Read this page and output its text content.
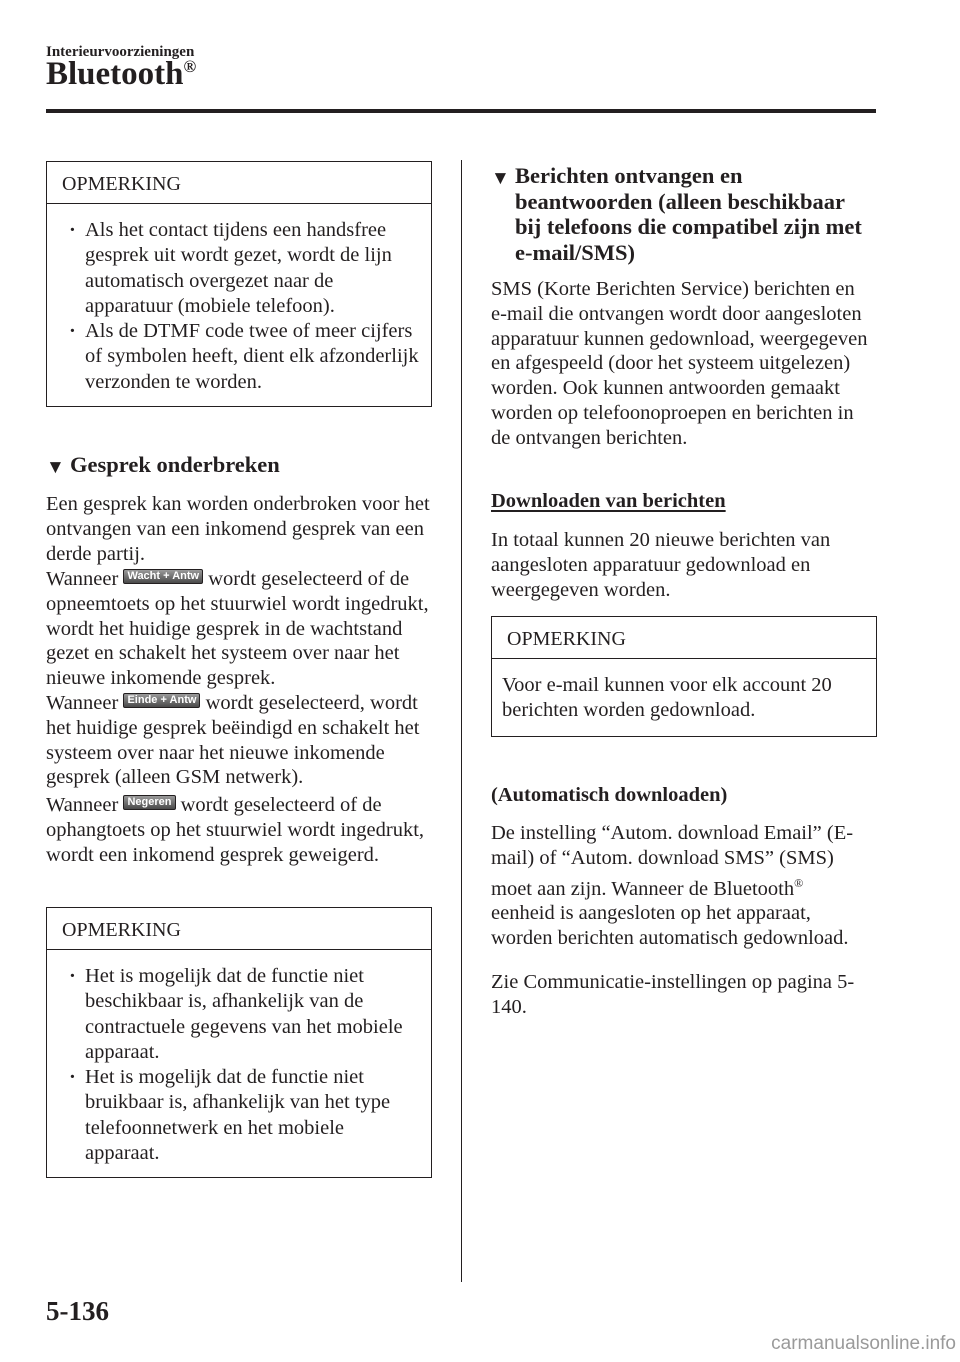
Interieurvoorzieningen
Bluetooth®
OPMERKING
· Als het contact tijdens een handsfree gesprek uit wordt gezet, wordt de lijn automatisch overgezet naar de apparatuur (mobiele telefoon).
· Als de DTMF code twee of meer cijfers of symbolen heeft, dient elk afzonderlijk verzonden te worden.
▼ Gesprek onderbreken

Een gesprek kan worden onderbroken voor het ontvangen van een inkomend gesprek van een derde partij.

Wanneer Wacht + Antw wordt geselecteerd of de opneemtoets op het stuurwiel wordt ingedrukt, wordt het huidige gesprek in de wachtstand gezet en schakelt het systeem over naar het nieuwe inkomende gesprek.

Wanneer Einde + Antw wordt geselecteerd, wordt het huidige gesprek beëindigd en schakelt het systeem over naar het nieuwe inkomende gesprek (alleen GSM netwerk).

Wanneer Negeren wordt geselecteerd of de ophangtoets op het stuurwiel wordt ingedrukt, wordt een inkomend gesprek geweigerd.

OPMERKING
· Het is mogelijk dat de functie niet beschikbaar is, afhankelijk van de contractuele gegevens van het mobiele apparaat.
· Het is mogelijk dat de functie niet bruikbaar is, afhankelijk van het type telefoonnetwerk en het mobiele apparaat.
▼ Berichten ontvangen en beantwoorden (alleen beschikbaar bij telefoons die compatibel zijn met e-mail/SMS)

SMS (Korte Berichten Service) berichten en e-mail die ontvangen wordt door aangesloten apparatuur kunnen gedownload, weergegeven en afgespeeld (door het systeem uitgelezen) worden. Ook kunnen antwoorden gemaakt worden op telefoonoproepen en berichten in de ontvangen berichten.

Downloaden van berichten

In totaal kunnen 20 nieuwe berichten van aangesloten apparatuur gedownload en weergegeven worden.

OPMERKING
Voor e-mail kunnen voor elk account 20 berichten worden gedownload.
(Automatisch downloaden)

De instelling “Autom. download Email” (E-mail) of “Autom. download SMS” (SMS) moet aan zijn. Wanneer de Bluetooth® eenheid is aangesloten op het apparaat, worden berichten automatisch gedownload.

Zie Communicatie-instellingen op pagina 5-140.

5-136
carmanualsonline.info
